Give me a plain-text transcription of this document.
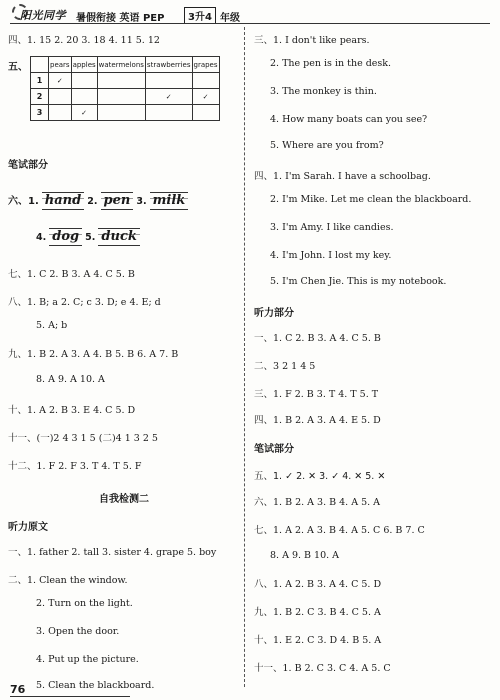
阳光同学 暑假衔接 英语 PEP	3升4 年级
四、1. 15 2. 20 3. 18 4. 11 5. 12
五、
		pears	apples	watermelons	strawberries	grapes
1	✓				
2				✓	✓
3		✓			
笔试部分
六、1. hand 2. pen 3. milk
4. dog 5. duck
七、1. C 2. B 3. A 4. C 5. B
八、1. B; a 2. C; c 3. D; e 4. E; d
5. A; b
九、1. B 2. A 3. A 4. B 5. B 6. A 7. B
8. A 9. A 10. A
十、1. A 2. B 3. E 4. C 5. D
十一、(一)2 4 3 1 5 (二)4 1 3 2 5
十二、1. F 2. F 3. T 4. T 5. F
自我检测二
听力原文
一、1. father 2. tall 3. sister 4. grape 5. boy
二、1. Clean the window.
2. Turn on the light.
3. Open the door.
4. Put up the picture.
5. Clean the blackboard.
三、1. I don't like pears.
2. The pen is in the desk.
3. The monkey is thin.
4. How many boats can you see?
5. Where are you from?
四、1. I'm Sarah. I have a schoolbag.
2. I'm Mike. Let me clean the blackboard.
3. I'm Amy. I like candies.
4. I'm John. I lost my key.
5. I'm Chen Jie. This is my notebook.
听力部分
一、1. C 2. B 3. A 4. C 5. B
二、3 2 1 4 5
三、1. F 2. B 3. T 4. T 5. T
四、1. B 2. A 3. A 4. E 5. D
笔试部分
五、1. ✓ 2. ✕ 3. ✓ 4. ✕ 5. ✕
六、1. B 2. A 3. B 4. A 5. A
七、1. A 2. A 3. B 4. A 5. C 6. B 7. C
8. A 9. B 10. A
八、1. A 2. B 3. A 4. C 5. D
九、1. B 2. C 3. B 4. C 5. A
十、1. E 2. C 3. D 4. B 5. A
十一、1. B 2. C 3. C 4. A 5. C
76
